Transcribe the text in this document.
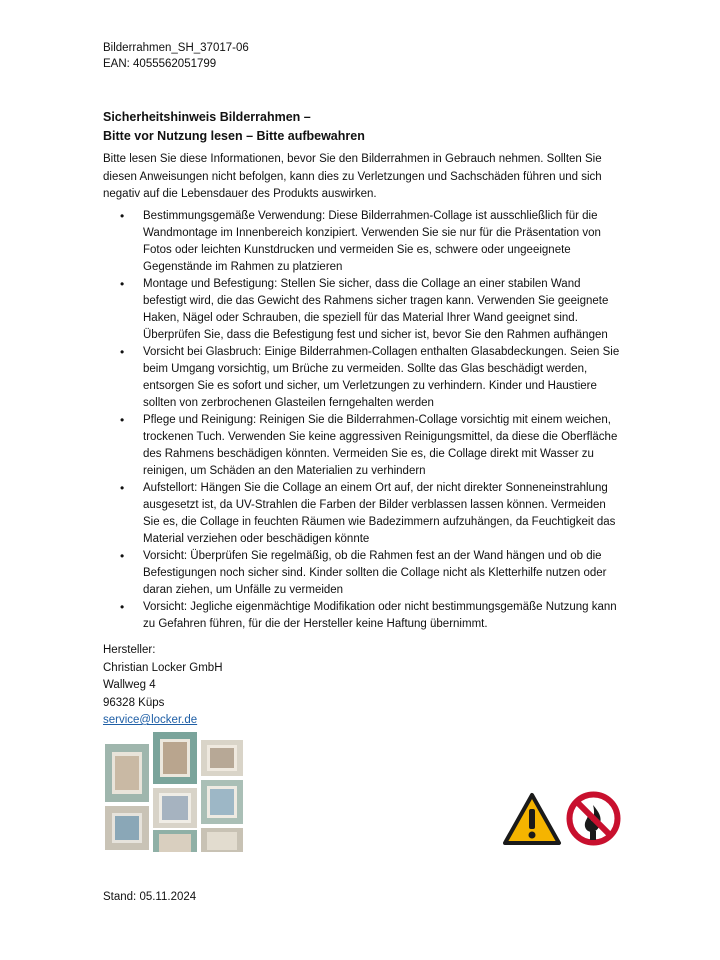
Bilderrahmen_SH_37017-06
EAN: 4055562051799
Sicherheitshinweis Bilderrahmen –
Bitte vor Nutzung lesen – Bitte aufbewahren
Bitte lesen Sie diese Informationen, bevor Sie den Bilderrahmen in Gebrauch nehmen. Sollten Sie diesen Anweisungen nicht befolgen, kann dies zu Verletzungen und Sachschäden führen und sich negativ auf die Lebensdauer des Produkts auswirken.
• Bestimmungsgemäße Verwendung: Diese Bilderrahmen-Collage ist ausschließlich für die Wandmontage im Innenbereich konzipiert. Verwenden Sie sie nur für die Präsentation von Fotos oder leichten Kunstdrucken und vermeiden Sie es, schwere oder ungeeignete Gegenstände im Rahmen zu platzieren
• Montage und Befestigung: Stellen Sie sicher, dass die Collage an einer stabilen Wand befestigt wird, die das Gewicht des Rahmens sicher tragen kann. Verwenden Sie geeignete Haken, Nägel oder Schrauben, die speziell für das Material Ihrer Wand geeignet sind. Überprüfen Sie, dass die Befestigung fest und sicher ist, bevor Sie den Rahmen aufhängen
• Vorsicht bei Glasbruch: Einige Bilderrahmen-Collagen enthalten Glasabdeckungen. Seien Sie beim Umgang vorsichtig, um Brüche zu vermeiden. Sollte das Glas beschädigt werden, entsorgen Sie es sofort und sicher, um Verletzungen zu verhindern. Kinder und Haustiere sollten von zerbrochenen Glasteilen ferngehalten werden
• Pflege und Reinigung: Reinigen Sie die Bilderrahmen-Collage vorsichtig mit einem weichen, trockenen Tuch. Verwenden Sie keine aggressiven Reinigungsmittel, da diese die Oberfläche des Rahmens beschädigen könnten. Vermeiden Sie es, die Collage direkt mit Wasser zu reinigen, um Schäden an den Materialien zu verhindern
• Aufstellort: Hängen Sie die Collage an einem Ort auf, der nicht direkter Sonneneinstrahlung ausgesetzt ist, da UV-Strahlen die Farben der Bilder verblassen lassen können. Vermeiden Sie es, die Collage in feuchten Räumen wie Badezimmern aufzuhängen, da Feuchtigkeit das Material verziehen oder beschädigen könnte
• Vorsicht: Überprüfen Sie regelmäßig, ob die Rahmen fest an der Wand hängen und ob die Befestigungen noch sicher sind. Kinder sollten die Collage nicht als Kletterhilfe nutzen oder daran ziehen, um Unfälle zu vermeiden
• Vorsicht: Jegliche eigenmächtige Modifikation oder nicht bestimmungsgemäße Nutzung kann zu Gefahren führen, für die der Hersteller keine Haftung übernimmt.
Hersteller:
Christian Locker GmbH
Wallweg 4
96328 Küps
service@locker.de
Stand: 05.11.2024
